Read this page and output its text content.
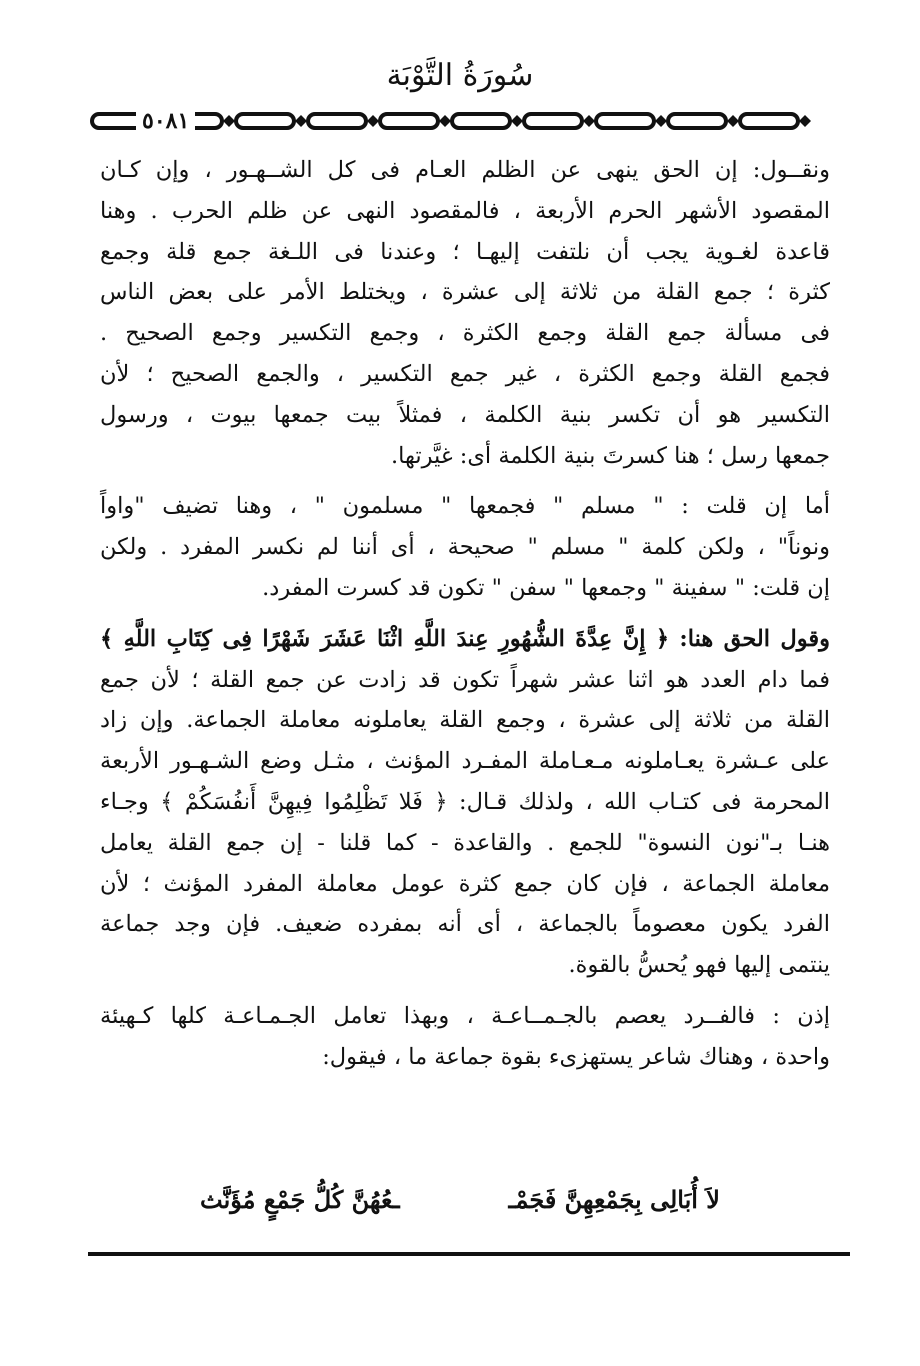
سُورَةُ التَّوْبَة
٥٠٨١

ونقــول: إن الحق ينهى عن الظلم العـام فى كل الشــهـور ، وإن كـان
المقصود الأشهر الحرم الأربعة ، فالمقصود النهى عن ظلم الحرب . وهنا
قاعدة لغـوية يجب أن نلتفت إليهـا ؛ وعندنا فى اللـغة جمع قلة وجمع
كثرة ؛ جمع القلة من ثلاثة إلى عشرة ، ويختلط الأمر على بعض الناس
فى مسألة جمع القلة وجمع الكثرة ، وجمع التكسير وجمع الصحيح .
فجمع القلة وجمع الكثرة ، غير جمع التكسير ، والجمع الصحيح ؛ لأن
التكسير هو أن تكسر بنية الكلمة ، فمثلاً بيت جمعها بيوت ، ورسول
جمعها رسل ؛ هنا كسرتَ بنية الكلمة أى: غيَّرتها.

أما إن قلت : " مسلم " فجمعها " مسلمون " ، وهنا تضيف "واواً
ونوناً" ، ولكن كلمة " مسلم " صحيحة ، أى أننا لم نكسر المفرد . ولكن
إن قلت: " سفينة " وجمعها " سفن " تكون قد كسرت المفرد.

وقول الحق هنا: ﴿ إِنَّ عِدَّةَ الشُّهُورِ عِندَ اللَّهِ اثْنَا عَشَرَ شَهْرًا فِى كِتَابِ اللَّهِ ﴾
فما دام العدد هو اثنا عشر شهراً تكون قد زادت عن جمع القلة ؛ لأن جمع
القلة من ثلاثة إلى عشرة ، وجمع القلة يعاملونه معاملة الجماعة. وإن زاد
على عـشرة يعـاملونه مـعـاملة المفـرد المؤنث ، مثـل وضع الشـهـور الأربعة
المحرمة فى كتـاب الله ، ولذلك قـال: ﴿ فَلا تَظْلِمُوا فِيهِنَّ أَنفُسَكُمْ ﴾ وجـاء
هنـا بـ"نون النسوة" للجمع . والقاعدة - كما قلنا - إن جمع القلة يعامل
معاملة الجماعة ، فإن كان جمع كثرة عومل معاملة المفرد المؤنث ؛ لأن
الفرد يكون معصوماً بالجماعة ، أى أنه بمفرده ضعيف. فإن وجد جماعة
ينتمى إليها فهو يُحسُّ بالقوة.

إذن : فالفــرد يعصم بالجـمــاعـة ، وبهذا تعامل الجـمـاعـة كلها كـهيئة
واحدة ، وهناك شاعر يستهزىء بقوة جماعة ما ، فيقول:

لاَ أُبَالِى بِجَمْعِهِنَّ فَجَمْـ
ـعُهُنَّ كُلُّ جَمْعٍ مُؤَنَّث
